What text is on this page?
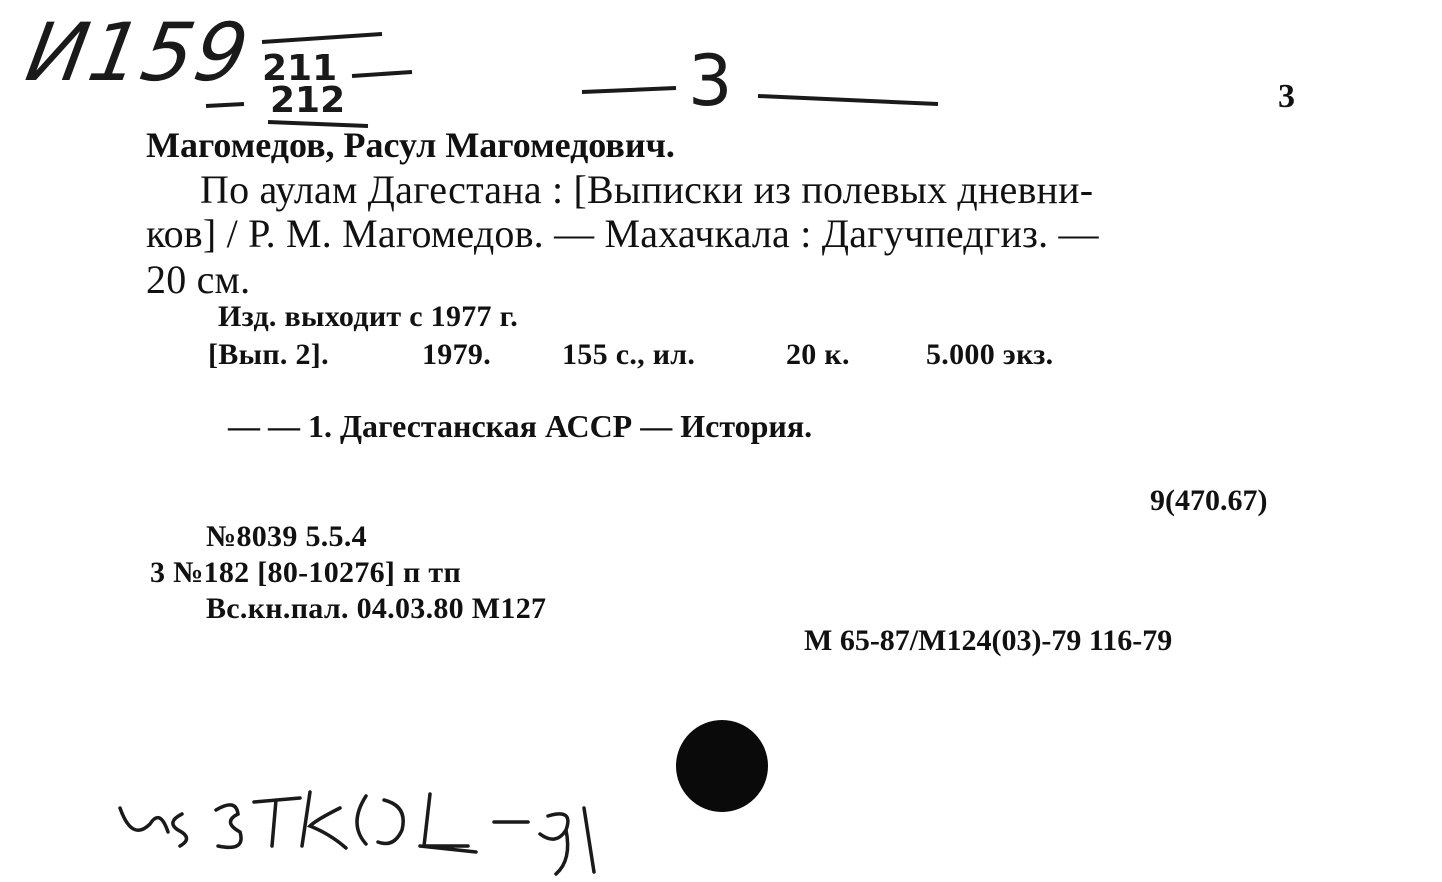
И159 211
212	3	3
Магомедов, Расул Магомедович.
По аулам Дагестана : [Выписки из полевых дневни-
ков] / Р. М. Магомедов. — Махачкала : Дагучпедгиз. —
20 см.
Изд. выходит с 1977 г.
[Вып. 2].	1979. 155 с., ил.	20 к.	5.000 экз.
— — 1. Дагестанская АССР — История.
9(470.67)
№8039 5.5.4
3 №182 [80-10276] п тп
Вс.кн.пал. 04.03.80 М127
М 65-87/М124(03)-79 116-79
